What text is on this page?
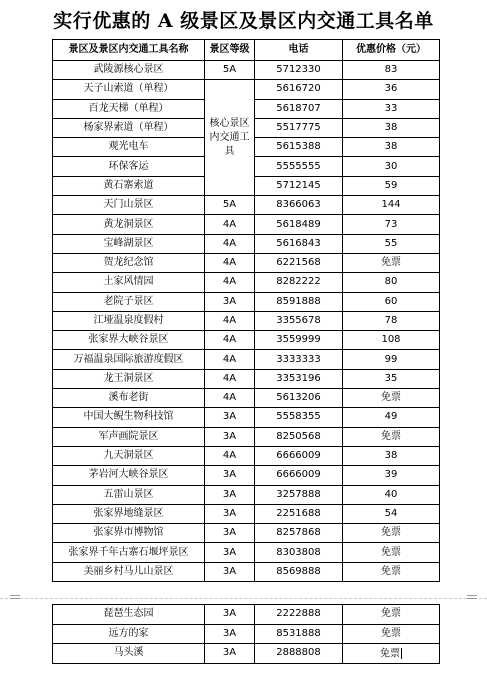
实行优惠的 A 级景区及景区内交通工具名单
景区及景区内交通工具名称	景区等级	电话	优惠价格（元）
武陵源核心景区	5A	5712330	83
天子山索道（单程）	核心景区内交通工具	5616720	36
百龙天梯（单程）		5618707	33
杨家界索道（单程）		5517775	38
观光电车		5615388	38
环保客运		5555555	30
黄石寨索道		5712145	59
天门山景区	5A	8366063	144
黄龙洞景区	4A	5618489	73
宝峰湖景区	4A	5616843	55
贺龙纪念馆	4A	6221568	免票
土家风情园	4A	8282222	80
老院子景区	3A	8591888	60
江垭温泉度假村	4A	3355678	78
张家界大峡谷景区	4A	3559999	108
万福温泉国际旅游度假区	4A	3333333	99
龙王洞景区	4A	3353196	35
溪布老街	4A	5613206	免票
中国大鲵生物科技馆	3A	5558355	49
军声画院景区	3A	8250568	免票
九天洞景区	4A	6666009	38
茅岩河大峡谷景区	3A	6666009	39
五雷山景区	3A	3257888	40
张家界地缝景区	3A	2251688	54
张家界市博物馆	3A	8257868	免票
张家界千年古寨石堰坪景区	3A	8303808	免票
美丽乡村马儿山景区	3A	8569888	免票
琵琶生态园	3A	2222888	免票
远方的家	3A	8531888	免票
马头溪	3A	2888808	免票
